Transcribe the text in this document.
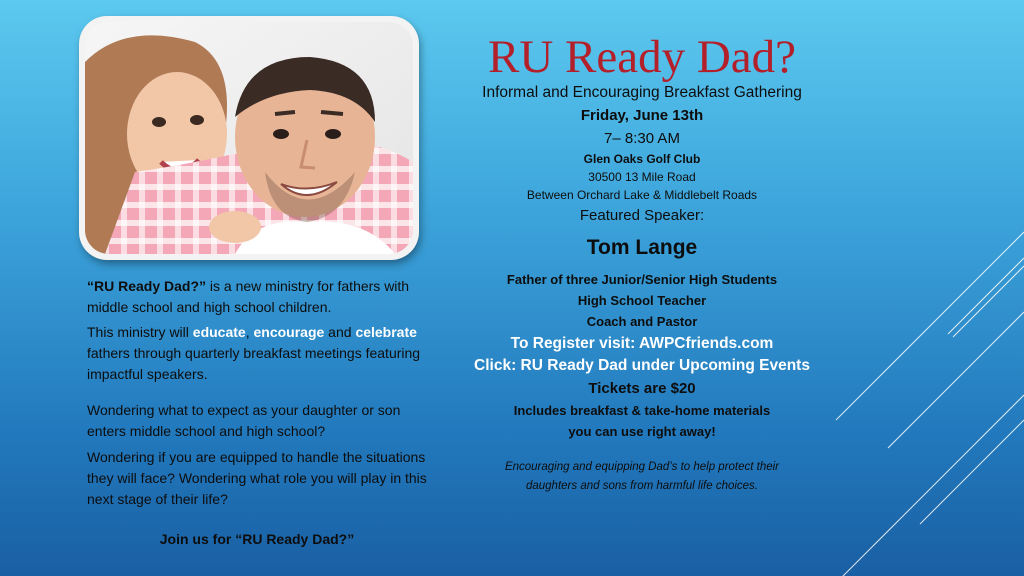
RU Ready Dad?
Informal and Encouraging Breakfast Gathering
Friday, June 13th
7– 8:30 AM
Glen Oaks Golf Club
30500 13 Mile Road
Between Orchard Lake & Middlebelt Roads
Featured Speaker:
Tom Lange
Father of three Junior/Senior High Students
High School Teacher
Coach and Pastor
To Register visit: AWPCfriends.com
Click: RU Ready Dad under Upcoming Events
Tickets are $20
Includes breakfast & take-home materials
you can use right away!
Encouraging and equipping Dad’s to help protect their
daughters and sons from harmful life choices.
“RU Ready Dad?” is a new ministry for fathers with middle school and high school children.
This ministry will educate, encourage and celebrate fathers through quarterly breakfast meetings featuring impactful speakers.
Wondering what to expect as your daughter or son enters middle school and high school?
Wondering if you are equipped to handle the situations they will face? Wondering what role you will play in this next stage of their life?
Join us for “RU Ready Dad?”
